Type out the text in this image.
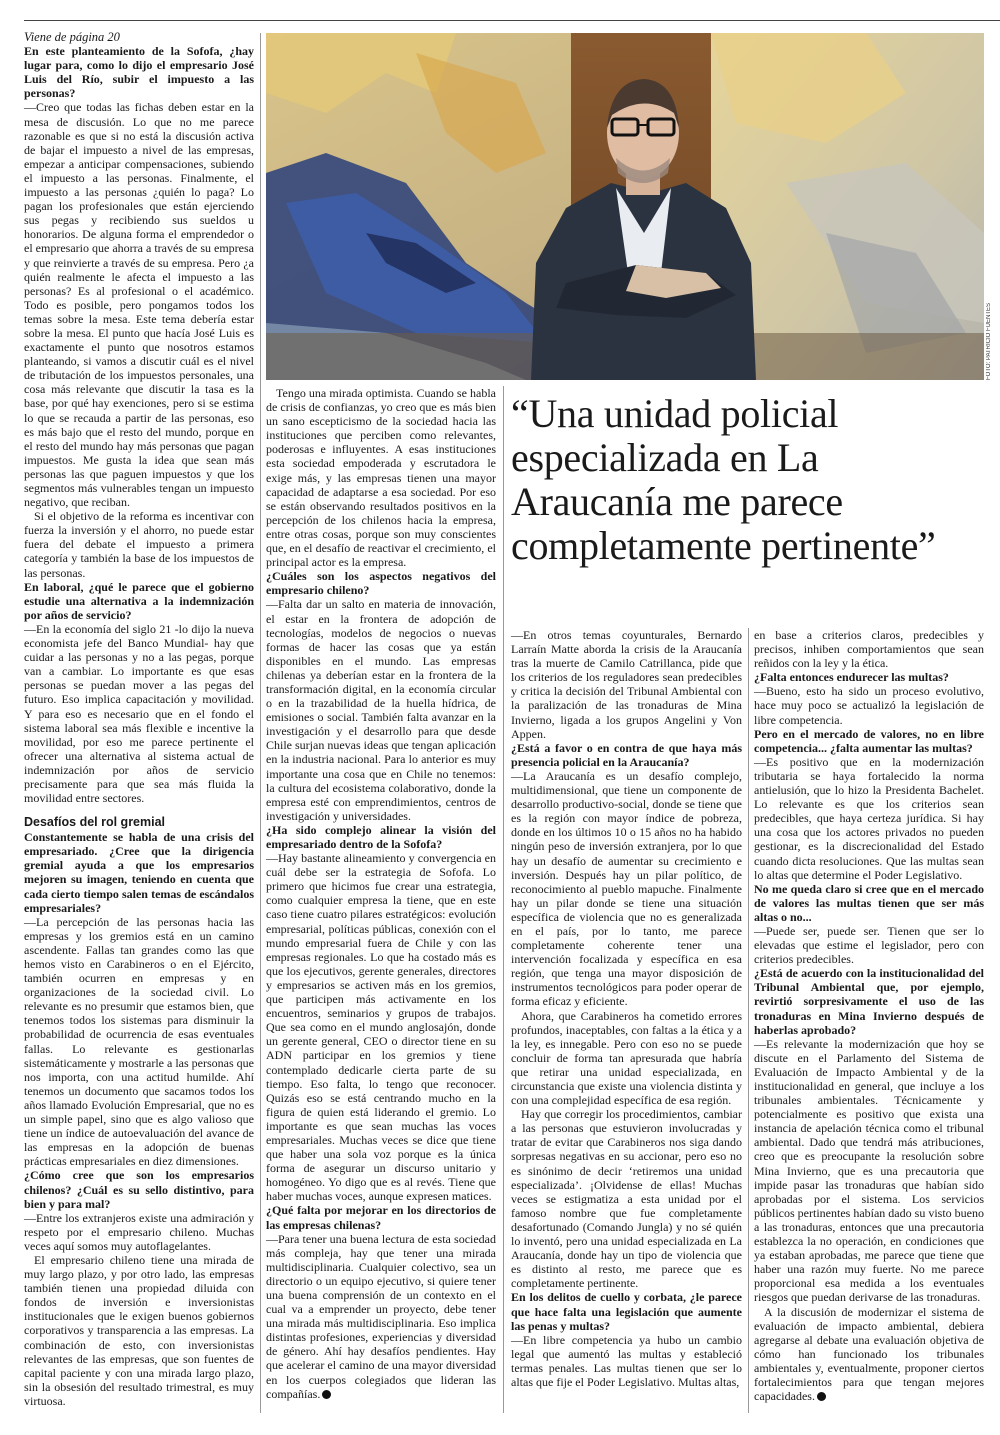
Viene de página 20

En este planteamiento de la Sofofa, ¿hay lugar para, como lo dijo el empresario José Luis del Río, subir el impuesto a las personas?

—Creo que todas las fichas deben estar en la mesa de discusión. Lo que no me parece razonable es que si no está la discusión activa de bajar el impuesto a nivel de las empresas, empezar a anticipar compensaciones, subiendo el impuesto a las personas. Finalmente, el impuesto a las personas ¿quién lo paga? Lo pagan los profesionales que están ejerciendo sus pegas y recibiendo sus sueldos u honorarios. De alguna forma el emprendedor o el empresario que ahorra a través de su empresa y que reinvierte a través de su empresa. Pero ¿a quién realmente le afecta el impuesto a las personas? Es al profesional o el académico. Todo es posible, pero pongamos todos los temas sobre la mesa. Este tema debería estar sobre la mesa. El punto que hacía José Luis es exactamente el punto que nosotros estamos planteando, si vamos a discutir cuál es el nivel de tributación de los impuestos personales, una cosa más relevante que discutir la tasa es la base, por qué hay exenciones, pero si se estima lo que se recauda a partir de las personas, eso es más bajo que el resto del mundo, porque en el resto del mundo hay más personas que pagan impuestos. Me gusta la idea que sean más personas las que paguen impuestos y que los segmentos más vulnerables tengan un impuesto negativo, que reciban.

Si el objetivo de la reforma es incentivar con fuerza la inversión y el ahorro, no puede estar fuera del debate el impuesto a primera categoría y también la base de los impuestos de las personas.

En laboral, ¿qué le parece que el gobierno estudie una alternativa a la indemnización por años de servicio?

—En la economía del siglo 21 -lo dijo la nueva economista jefe del Banco Mundial- hay que cuidar a las personas y no a las pegas, porque van a cambiar. Lo importante es que esas personas se puedan mover a las pegas del futuro. Eso implica capacitación y movilidad. Y para eso es necesario que en el fondo el sistema laboral sea más flexible e incentive la movilidad, por eso me parece pertinente el ofrecer una alternativa al sistema actual de indemnización por años de servicio precisamente para que sea más fluida la movilidad entre sectores.

Desafíos del rol gremial

Constantemente se habla de una crisis del empresariado. ¿Cree que la dirigencia gremial ayuda a que los empresarios mejoren su imagen, teniendo en cuenta que cada cierto tiempo salen temas de escándalos empresariales?

—La percepción de las personas hacia las empresas y los gremios está en un camino ascendente. Fallas tan grandes como las que hemos visto en Carabineros o en el Ejército, también ocurren en empresas y en organizaciones de la sociedad civil. Lo relevante es no presumir que estamos bien, que tenemos todos los sistemas para disminuir la probabilidad de ocurrencia de esas eventuales fallas. Lo relevante es gestionarlas sistemáticamente y mostrarle a las personas que nos importa, con una actitud humilde. Ahí tenemos un documento que sacamos todos los años llamado Evolución Empresarial, que no es un simple papel, sino que es algo valioso que tiene un índice de autoevaluación del avance de las empresas en la adopción de buenas prácticas empresariales en diez dimensiones.

¿Cómo cree que son los empresarios chilenos? ¿Cuál es su sello distintivo, para bien y para mal?

—Entre los extranjeros existe una admiración y respeto por el empresario chileno. Muchas veces aquí somos muy autoflagelantes.

El empresario chileno tiene una mirada de muy largo plazo, y por otro lado, las empresas también tienen una propiedad diluida con fondos de inversión e inversionistas institucionales que le exigen buenos gobiernos corporativos y transparencia a las empresas. La combinación de esto, con inversionistas relevantes de las empresas, que son fuentes de capital paciente y con una mirada largo plazo, sin la obsesión del resultado trimestral, es muy virtuosa.

FOTO: PATRICIO FUENTES
“Una unidad policial especializada en La Araucanía me parece completamente pertinente”

Tengo una mirada optimista. Cuando se habla de crisis de confianzas, yo creo que es más bien un sano escepticismo de la sociedad hacia las instituciones que perciben como relevantes, poderosas e influyentes. A esas instituciones esta sociedad empoderada y escrutadora le exige más, y las empresas tienen una mayor capacidad de adaptarse a esa sociedad. Por eso se están observando resultados positivos en la percepción de los chilenos hacia la empresa, entre otras cosas, porque son muy conscientes que, en el desafío de reactivar el crecimiento, el principal actor es la empresa.

¿Cuáles son los aspectos negativos del empresario chileno?

—Falta dar un salto en materia de innovación, el estar en la frontera de adopción de tecnologías, modelos de negocios o nuevas formas de hacer las cosas que ya están disponibles en el mundo. Las empresas chilenas ya deberían estar en la frontera de la transformación digital, en la economía circular o en la trazabilidad de la huella hídrica, de emisiones o social. También falta avanzar en la investigación y el desarrollo para que desde Chile surjan nuevas ideas que tengan aplicación en la industria nacional. Para lo anterior es muy importante una cosa que en Chile no tenemos: la cultura del ecosistema colaborativo, donde la empresa esté con emprendimientos, centros de investigación y universidades.

¿Ha sido complejo alinear la visión del empresariado dentro de la Sofofa?

—Hay bastante alineamiento y convergencia en cuál debe ser la estrategia de Sofofa. Lo primero que hicimos fue crear una estrategia, como cualquier empresa la tiene, que en este caso tiene cuatro pilares estratégicos: evolución empresarial, políticas públicas, conexión con el mundo empresarial fuera de Chile y con las empresas regionales. Lo que ha costado más es que los ejecutivos, gerente generales, directores y empresarios se activen más en los gremios, que participen más activamente en los encuentros, seminarios y grupos de trabajos. Que sea como en el mundo anglosajón, donde un gerente general, CEO o director tiene en su ADN participar en los gremios y tiene contemplado dedicarle cierta parte de su tiempo. Eso falta, lo tengo que reconocer. Quizás eso se está centrando mucho en la figura de quien está liderando el gremio. Lo importante es que sean muchas las voces empresariales. Muchas veces se dice que tiene que haber una sola voz porque es la única forma de asegurar un discurso unitario y homogéneo. Yo digo que es al revés. Tiene que haber muchas voces, aunque expresen matices.

¿Qué falta por mejorar en los directorios de las empresas chilenas?

—Para tener una buena lectura de esta sociedad más compleja, hay que tener una mirada multidisciplinaria. Cualquier colectivo, sea un directorio o un equipo ejecutivo, si quiere tener una buena comprensión de un contexto en el cual va a emprender un proyecto, debe tener una mirada más multidisciplinaria. Eso implica distintas profesiones, experiencias y diversidad de género. Ahí hay desafíos pendientes. Hay que acelerar el camino de una mayor diversidad en los cuerpos colegiados que lideran las compañías.

—En otros temas coyunturales, Bernardo Larraín Matte aborda la crisis de la Araucanía tras la muerte de Camilo Catrillanca, pide que los criterios de los reguladores sean predecibles y critica la decisión del Tribunal Ambiental con la paralización de las tronaduras de Mina Invierno, ligada a los grupos Angelini y Von Appen.

¿Está a favor o en contra de que haya más presencia policial en la Araucanía?

—La Araucanía es un desafío complejo, multidimensional, que tiene un componente de desarrollo productivo-social, donde se tiene que es la región con mayor índice de pobreza, donde en los últimos 10 o 15 años no ha habido ningún peso de inversión extranjera, por lo que hay un desafío de aumentar su crecimiento e inversión. Después hay un pilar político, de reconocimiento al pueblo mapuche. Finalmente hay un pilar donde se tiene una situación específica de violencia que no es generalizada en el país, por lo tanto, me parece completamente coherente tener una intervención focalizada y específica en esa región, que tenga una mayor disposición de instrumentos tecnológicos para poder operar de forma eficaz y eficiente.

Ahora, que Carabineros ha cometido errores profundos, inaceptables, con faltas a la ética y a la ley, es innegable. Pero con eso no se puede concluir de forma tan apresurada que habría que retirar una unidad especializada, en circunstancia que existe una violencia distinta y con una complejidad específica de esa región.

Hay que corregir los procedimientos, cambiar a las personas que estuvieron involucradas y tratar de evitar que Carabineros nos siga dando sorpresas negativas en su accionar, pero eso no es sinónimo de decir ‘retiremos una unidad especializada’. ¡Olvidense de ellas! Muchas veces se estigmatiza a esta unidad por el famoso nombre que fue completamente desafortunado (Comando Jungla) y no sé quién lo inventó, pero una unidad especializada en La Araucanía, donde hay un tipo de violencia que es distinto al resto, me parece que es completamente pertinente.

En los delitos de cuello y corbata, ¿le parece que hace falta una legislación que aumente las penas y multas?

—En libre competencia ya hubo un cambio legal que aumentó las multas y estableció termas penales. Las multas tienen que ser lo altas que fije el Poder Legislativo. Multas altas,

en base a criterios claros, predecibles y precisos, inhiben comportamientos que sean reñidos con la ley y la ética.

¿Falta entonces endurecer las multas?

—Bueno, esto ha sido un proceso evolutivo, hace muy poco se actualizó la legislación de libre competencia.

Pero en el mercado de valores, no en libre competencia... ¿falta aumentar las multas?

—Es positivo que en la modernización tributaria se haya fortalecido la norma antielusión, que lo hizo la Presidenta Bachelet. Lo relevante es que los criterios sean predecibles, que haya certeza jurídica. Si hay una cosa que los actores privados no pueden gestionar, es la discrecionalidad del Estado cuando dicta resoluciones. Que las multas sean lo altas que determine el Poder Legislativo.

No me queda claro si cree que en el mercado de valores las multas tienen que ser más altas o no...

—Puede ser, puede ser. Tienen que ser lo elevadas que estime el legislador, pero con criterios predecibles.

¿Está de acuerdo con la institucionalidad del Tribunal Ambiental que, por ejemplo, revirtió sorpresivamente el uso de las tronaduras en Mina Invierno después de haberlas aprobado?

—Es relevante la modernización que hoy se discute en el Parlamento del Sistema de Evaluación de Impacto Ambiental y de la institucionalidad en general, que incluye a los tribunales ambientales. Técnicamente y potencialmente es positivo que exista una instancia de apelación técnica como el tribunal ambiental. Dado que tendrá más atribuciones, creo que es preocupante la resolución sobre Mina Invierno, que es una precautoria que impide pasar las tronaduras que habían sido aprobadas por el sistema. Los servicios públicos pertinentes habían dado su visto bueno a las tronaduras, entonces que una precautoria establezca la no operación, en condiciones que ya estaban aprobadas, me parece que tiene que haber una razón muy fuerte. No me parece proporcional esa medida a los eventuales riesgos que puedan derivarse de las tronaduras.

A la discusión de modernizar el sistema de evaluación de impacto ambiental, debiera agregarse al debate una evaluación objetiva de cómo han funcionado los tribunales ambientales y, eventualmente, proponer ciertos fortalecimientos para que tengan mejores capacidades.
